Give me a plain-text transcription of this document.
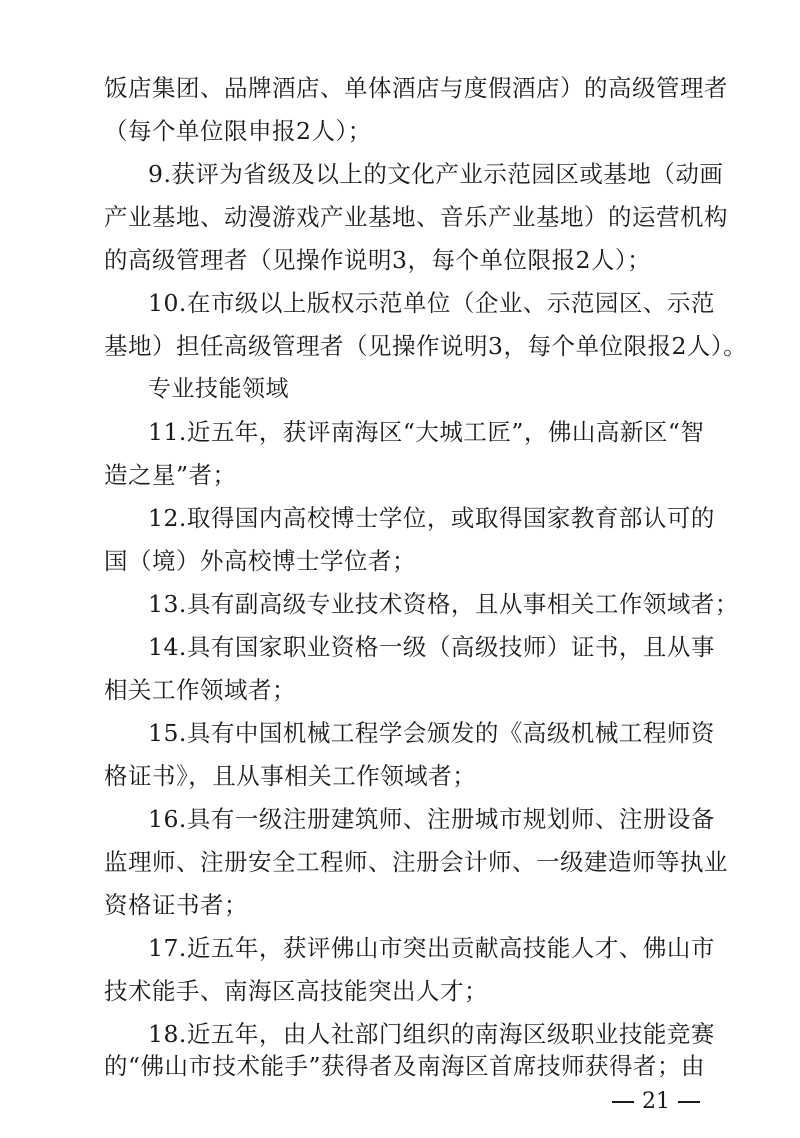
饭店集团、品牌酒店、单体酒店与度假酒店）的高级管理者
（每个单位限申报2人）；
9.获评为省级及以上的文化产业示范园区或基地（动画
产业基地、动漫游戏产业基地、音乐产业基地）的运营机构
的高级管理者（见操作说明3，每个单位限报2人）；
10.在市级以上版权示范单位（企业、示范园区、示范
基地）担任高级管理者（见操作说明3，每个单位限报2人）。
专业技能领域
11.近五年，获评南海区“大城工匠”，佛山高新区“智
造之星”者；
12.取得国内高校博士学位，或取得国家教育部认可的
国（境）外高校博士学位者；
13.具有副高级专业技术资格，且从事相关工作领域者；
14.具有国家职业资格一级（高级技师）证书，且从事
相关工作领域者；
15.具有中国机械工程学会颁发的《高级机械工程师资
格证书》，且从事相关工作领域者；
16.具有一级注册建筑师、注册城市规划师、注册设备
监理师、注册安全工程师、注册会计师、一级建造师等执业
资格证书者；
17.近五年，获评佛山市突出贡献高技能人才、佛山市
技术能手、南海区高技能突出人才；
18.近五年，由人社部门组织的南海区级职业技能竞赛
的“佛山市技术能手”获得者及南海区首席技师获得者；由
21
